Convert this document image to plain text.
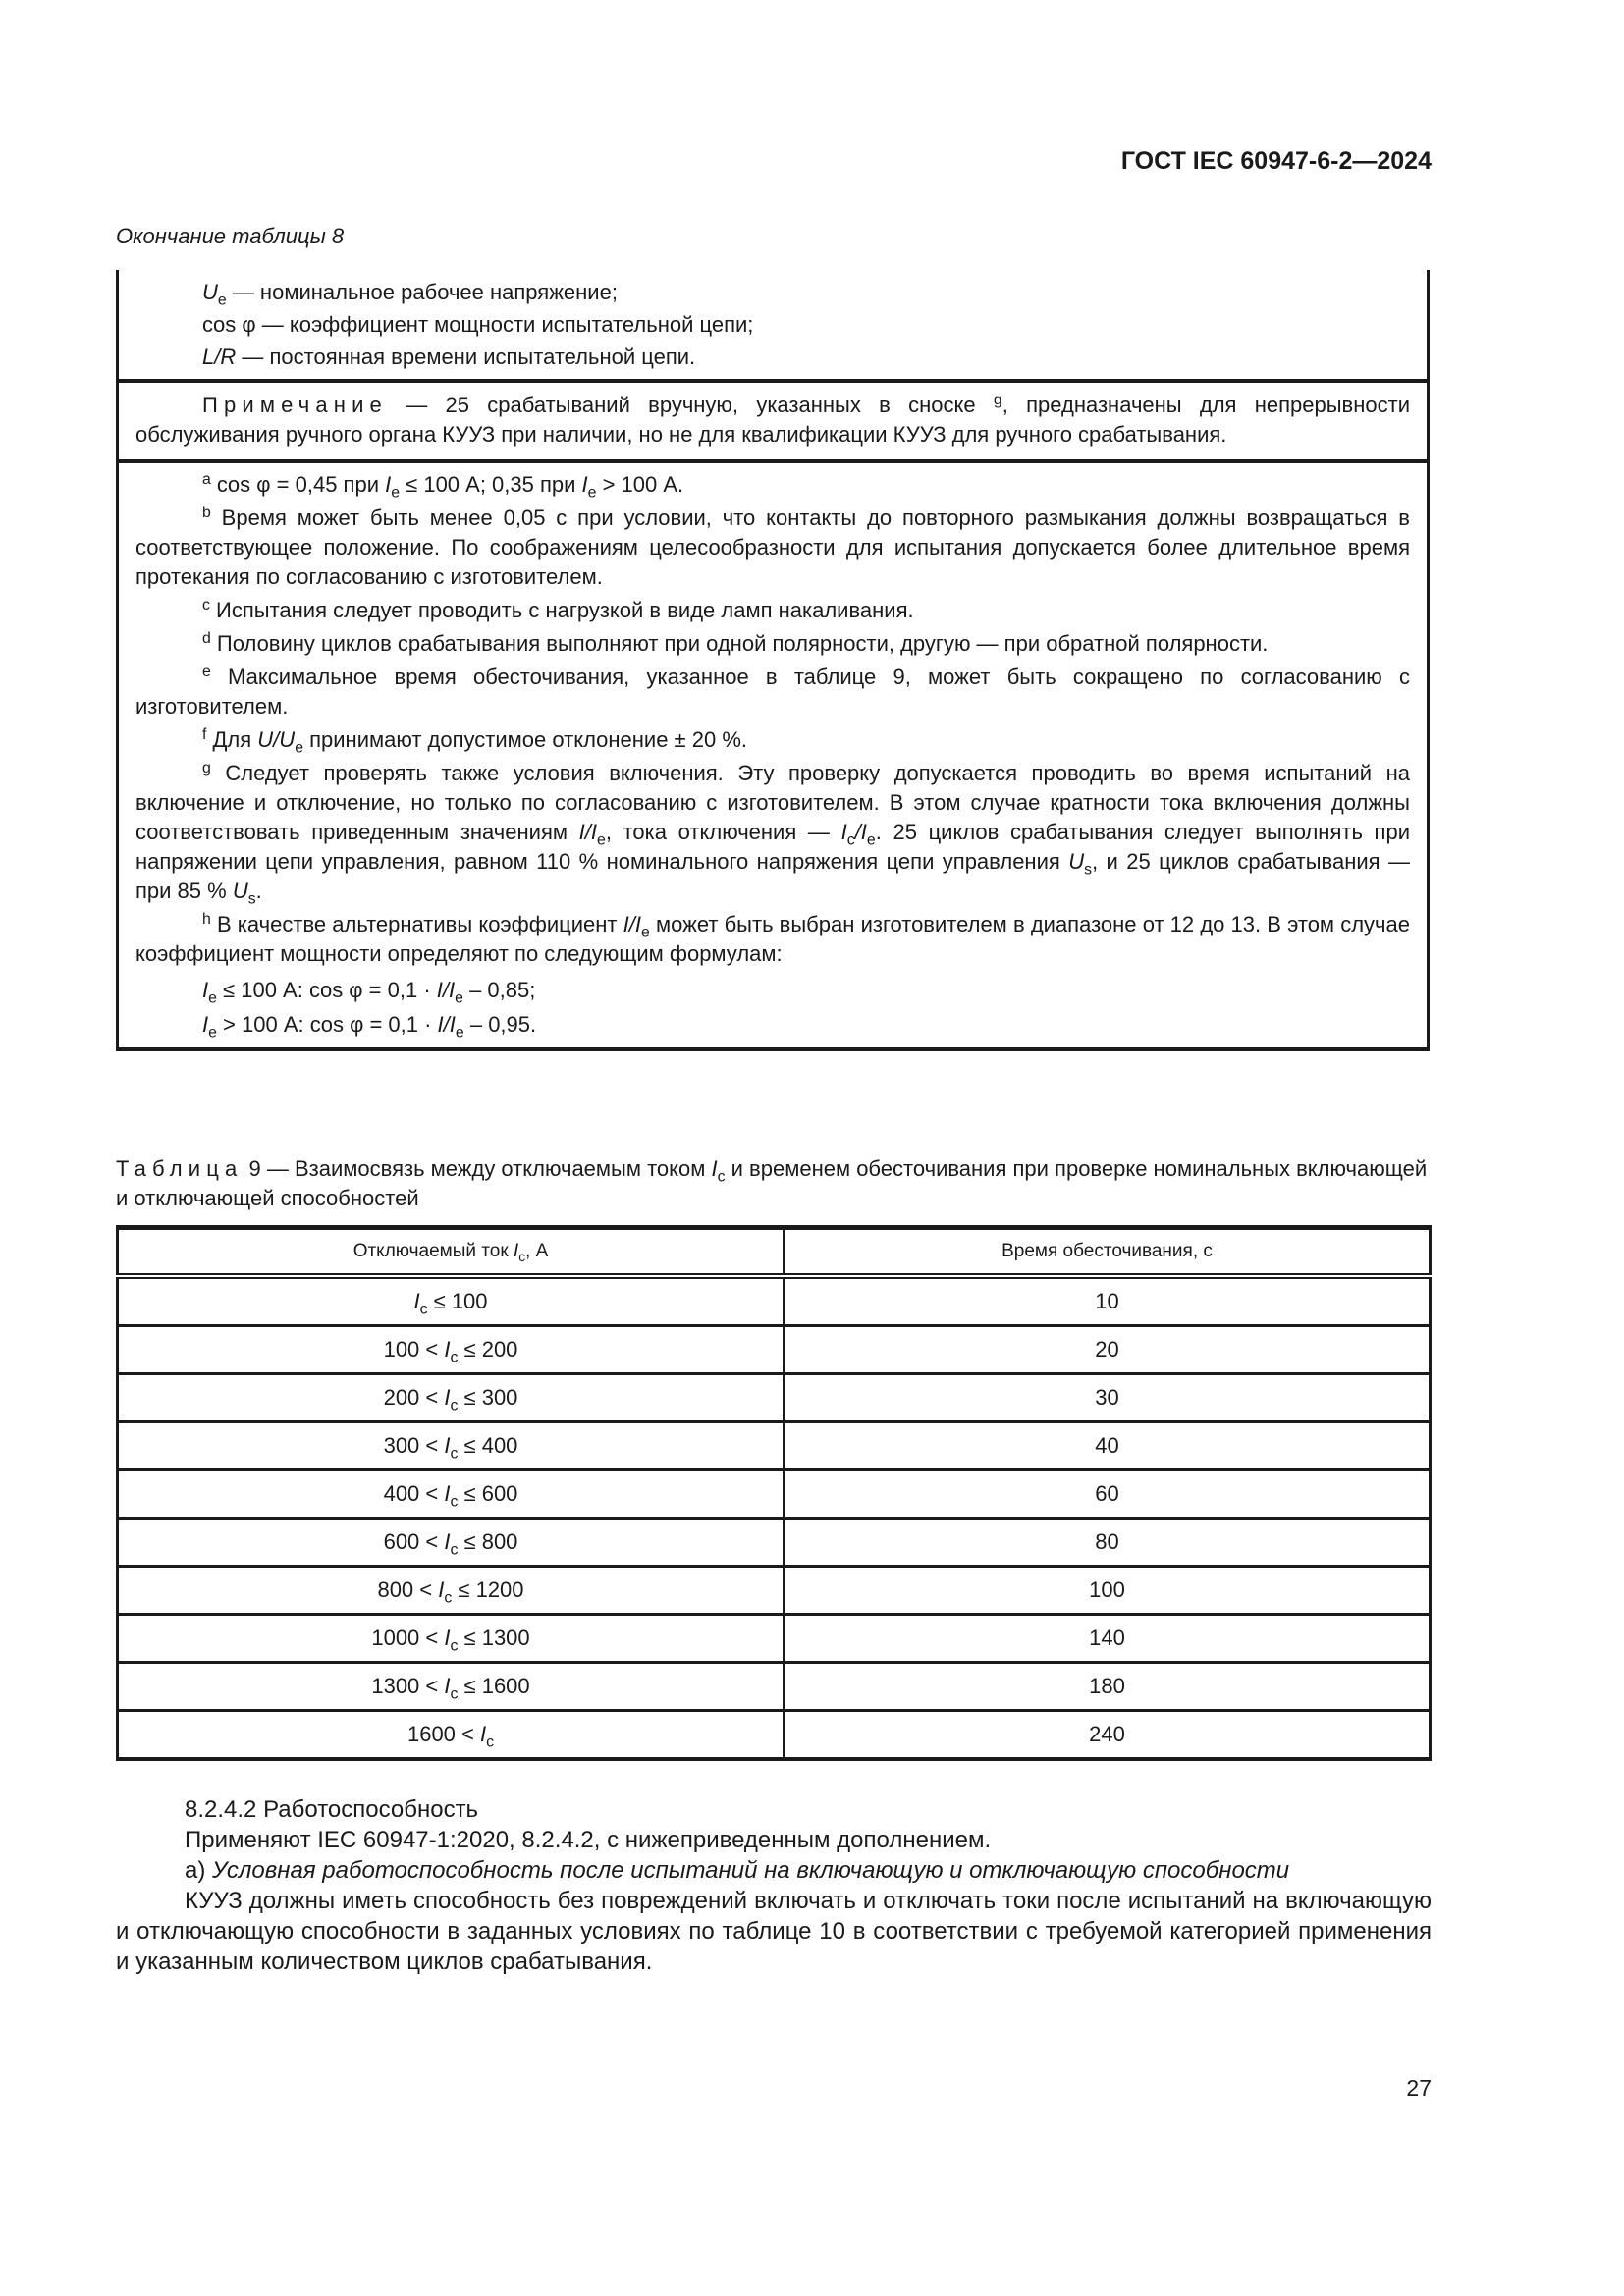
ГОСТ IEC 60947-6-2—2024
Окончание таблицы 8
$U_e$ — номинальное рабочее напряжение;
cos φ — коэффициент мощности испытательной цепи;
L/R — постоянная времени испытательной цепи.
Примечание — 25 срабатываний вручную, указанных в сноске $^g$, предназначены для непрерывности обслуживания ручного органа КУУЗ при наличии, но не для квалификации КУУЗ для ручного срабатывания.

$^a$ cos φ = 0,45 при $I_e \le 100$ А; 0,35 при $I_e > 100$ А.

$^b$ Время может быть менее 0,05 с при условии, что контакты до повторного размыкания должны возвращаться в соответствующее положение. По соображениям целесообразности для испытания допускается более длительное время протекания по согласованию с изготовителем.

$^c$ Испытания следует проводить с нагрузкой в виде ламп накаливания.

$^d$ Половину циклов срабатывания выполняют при одной полярности, другую — при обратной полярности.

$^e$ Максимальное время обесточивания, указанное в таблице 9, может быть сокращено по согласованию с изготовителем.

$^f$ Для $U/U_e$ принимают допустимое отклонение ± 20 %.

$^g$ Следует проверять также условия включения. Эту проверку допускается проводить во время испытаний на включение и отключение, но только по согласованию с изготовителем. В этом случае кратности тока включения должны соответствовать приведенным значениям $I/I_e$, тока отключения — $I_c/I_e$. 25 циклов срабатывания следует выполнять при напряжении цепи управления, равном 110 % номинального напряжения цепи управления $U_s$, и 25 циклов срабатывания — при 85 % $U_s$.

$^h$ В качестве альтернативы коэффициент $I/I_e$ может быть выбран изготовителем в диапазоне от 12 до 13. В этом случае коэффициент мощности определяют по следующим формулам:

$I_e \le 100$ А: $\cos \varphi = 0,1 \cdot I/I_e - 0,85$;

$I_e > 100$ А: $\cos \varphi = 0,1 \cdot I/I_e - 0,95$.

Таблица 9 — Взаимосвязь между отключаемым током $I_c$ и временем обесточивания при проверке номинальных включающей и отключающей способностей
Отключаемый ток $I_c$, А	Время обесточивания, с
$I_c \le 100$	10
$100 < I_c \le 200$	20
$200 < I_c \le 300$	30
$300 < I_c \le 400$	40
$400 < I_c \le 600$	60
$600 < I_c \le 800$	80
$800 < I_c \le 1200$	100
$1000 < I_c \le 1300$	140
$1300 < I_c \le 1600$	180
$1600 < I_c$	240

8.2.4.2 Работоспособность

Применяют IEC 60947-1:2020, 8.2.4.2, с нижеприведенным дополнением.

а) Условная работоспособность после испытаний на включающую и отключающую способности

КУУЗ должны иметь способность без повреждений включать и отключать токи после испытаний на включающую и отключающую способности в заданных условиях по таблице 10 в соответствии с требуемой категорией применения и указанным количеством циклов срабатывания.

27
